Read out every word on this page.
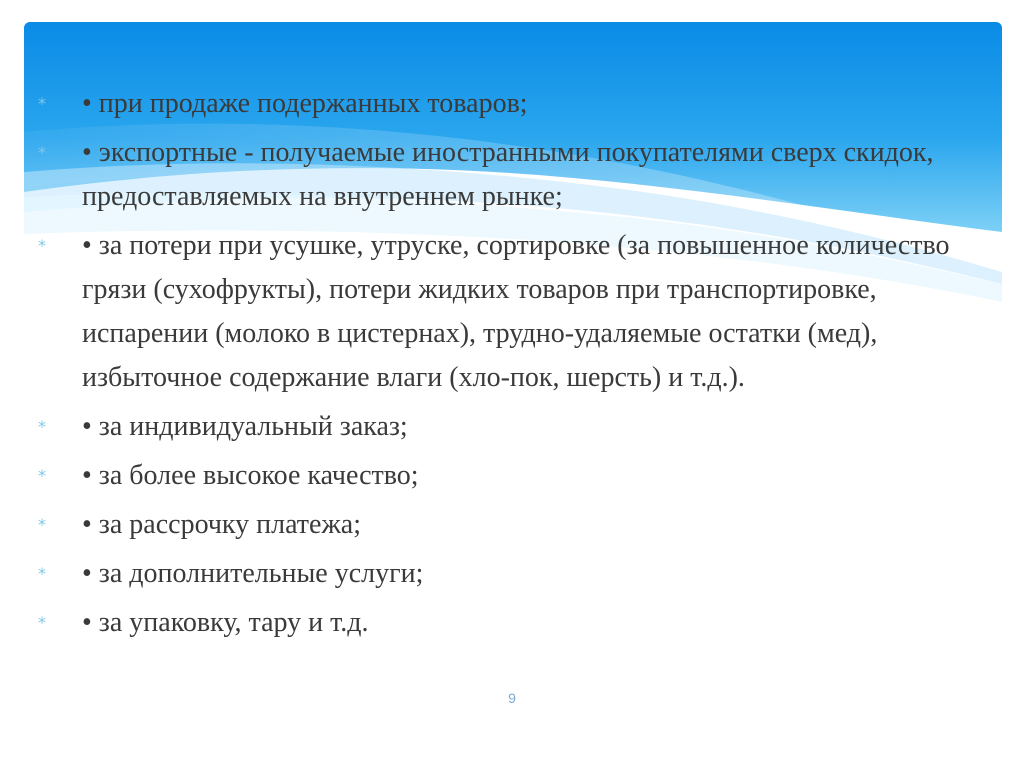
*	• при продаже подержанных товаров;
*	• экспортные - получаемые иностранными покупателями сверх скидок, предоставляемых на внутреннем рынке;
*	• за потери при усушке, утруске, сортировке (за повышенное количество грязи (сухофрукты), потери жидких товаров при транспортировке, испарении (молоко в цистернах), трудно-удаляемые остатки (мед), избыточное содержание влаги (хло-пок, шерсть) и т.д.).
*	• за индивидуальный заказ;
*	• за более высокое качество;
*	• за рассрочку платежа;
*	• за дополнительные услуги;
*	• за упаковку, тару и т.д.
9
